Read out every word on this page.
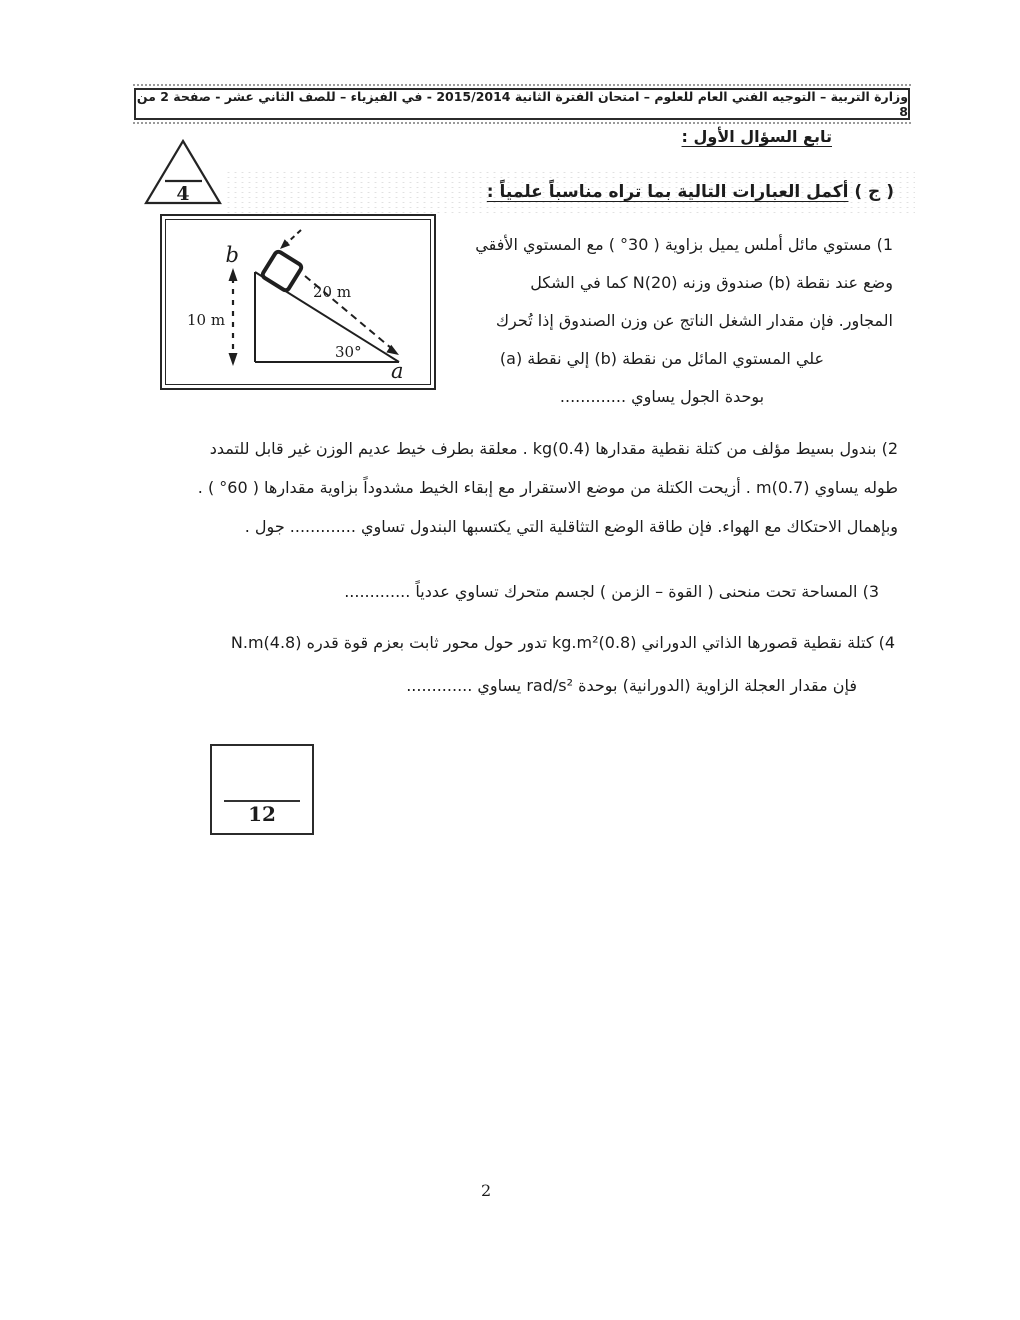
وزارة التربية – التوجيه الفني العام للعلوم – امتحان الفترة الثانية 2015/2014 - في الفيزياء – للصف الثاني عشر - صفحة 2 من 8
تابع السؤال الأول :
4	( ج ) أكمل العبارات التالية بما تراه مناسباً علمياً :
b
10 m
20 m
30°
a
1) مستوي مائل أملس يميل بزاوية ( 30° ) مع المستوي الأفقي
وضع عند نقطة (b) صندوق وزنه (20)N كما في الشكل
المجاور. فإن مقدار الشغل الناتج عن وزن الصندوق إذا تُحرك
علي المستوي المائل من نقطة (b) إلي نقطة (a)
بوحدة الجول يساوي .............
2) بندول بسيط مؤلف من كتلة نقطية مقدارها (0.4)kg . معلقة بطرف خيط عديم الوزن غير قابل للتمدد
طوله يساوي (0.7)m . أزيحت الكتلة من موضع الاستقرار مع إبقاء الخيط مشدوداً بزاوية مقدارها ( 60° ) .
وبإهمال الاحتكاك مع الهواء. فإن طاقة الوضع التثاقلية التي يكتسبها البندول تساوي ............. جول .
3) المساحة تحت منحنى ( القوة – الزمن ) لجسم متحرك تساوي عددياً .............
4) كتلة نقطية قصورها الذاتي الدوراني (0.8)kg.m² تدور حول محور ثابت بعزم قوة قدره (4.8)N.m
فإن مقدار العجلة الزاوية (الدورانية) بوحدة rad/s² يساوي .............
12
2
